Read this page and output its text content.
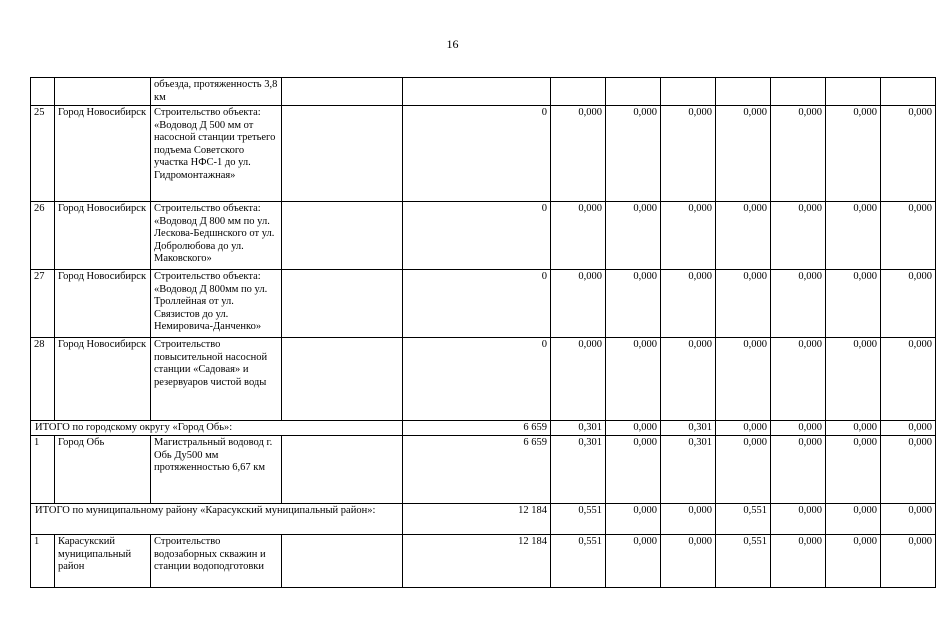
16
		объезда, протяженность 3,8 км									
25	Город Новосибирск	Строительство объекта: «Водовод Д 500 мм от насосной станции третьего подъема Советского участка НФС-1 до ул. Гидромонтажная»		0	0,000	0,000	0,000	0,000	0,000	0,000	0,000
26	Город Новосибирск	Строительство объекта: «Водовод Д 800 мм по ул. Лескова-Бедшнского от ул. Добролюбова до ул. Маковского»		0	0,000	0,000	0,000	0,000	0,000	0,000	0,000
27	Город Новосибирск	Строительство объекта: «Водовод Д 800мм по ул. Троллейная от ул. Связистов до ул. Немировича-Данченко»		0	0,000	0,000	0,000	0,000	0,000	0,000	0,000
28	Город Новосибирск	Строительство повысительной насосной станции «Садовая» и резервуаров чистой воды		0	0,000	0,000	0,000	0,000	0,000	0,000	0,000
ИТОГО по городскому округу «Город Обь»:				6 659	0,301	0,000	0,301	0,000	0,000	0,000	0,000
1	Город Обь	Магистральный водовод г. Обь Ду500 мм протяженностью 6,67 км		6 659	0,301	0,000	0,301	0,000	0,000	0,000	0,000
ИТОГО по муниципальному району «Карасукский муниципальный район»:				12 184	0,551	0,000	0,000	0,551	0,000	0,000	0,000
1	Карасукский муниципальный район	Строительство водозаборных скважин и станции водоподготовки		12 184	0,551	0,000	0,000	0,551	0,000	0,000	0,000
